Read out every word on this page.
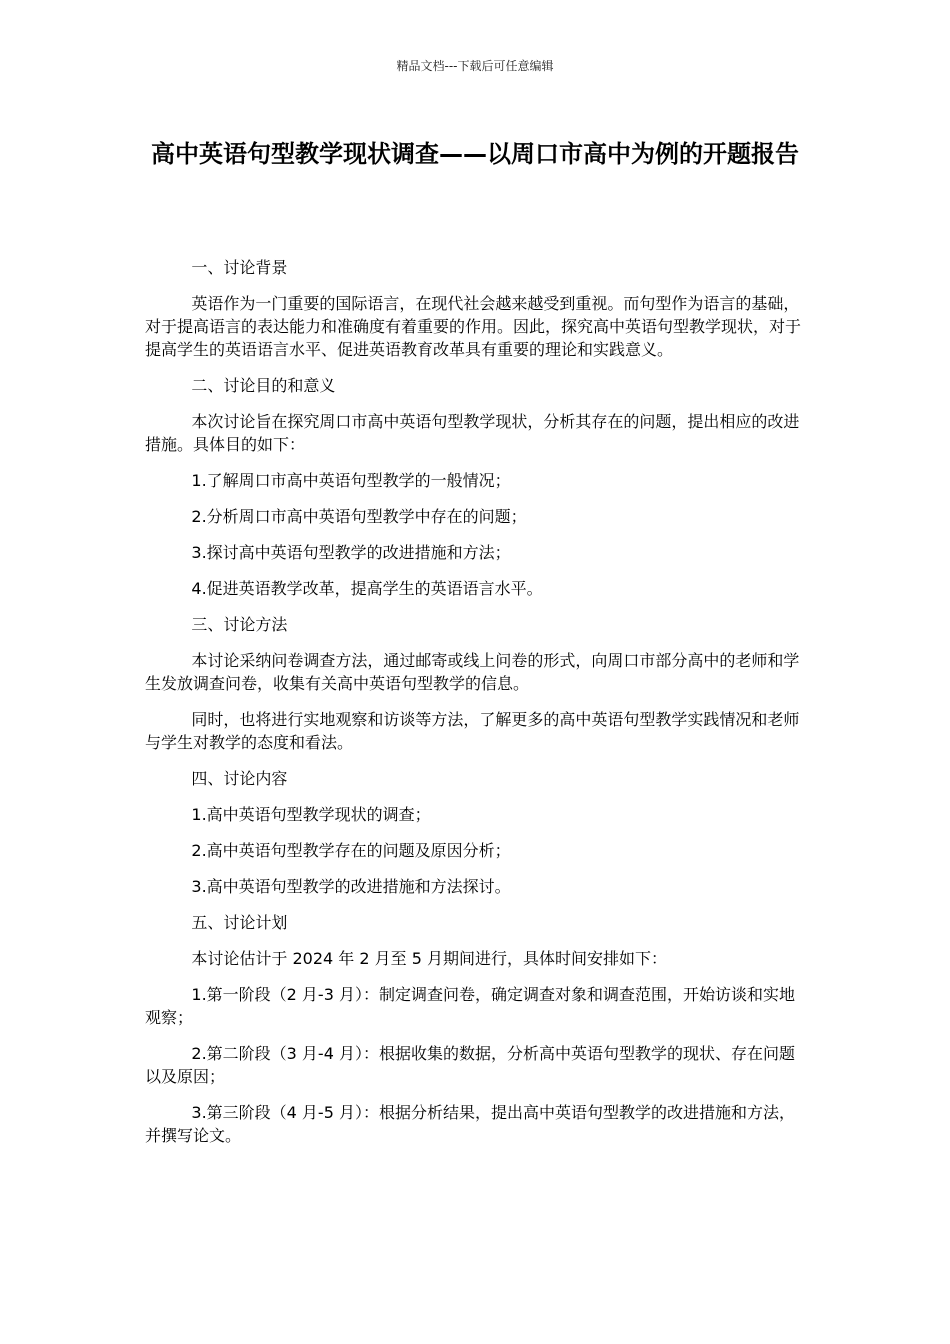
精品文档---下载后可任意编辑
高中英语句型教学现状调查——以周口市高中为例的开题报告

一、讨论背景

英语作为一门重要的国际语言，在现代社会越来越受到重视。而句型作为语言的基础，对于提高语言的表达能力和准确度有着重要的作用。因此，探究高中英语句型教学现状，对于提高学生的英语语言水平、促进英语教育改革具有重要的理论和实践意义。

二、讨论目的和意义

本次讨论旨在探究周口市高中英语句型教学现状，分析其存在的问题，提出相应的改进措施。具体目的如下：

1.了解周口市高中英语句型教学的一般情况；

2.分析周口市高中英语句型教学中存在的问题；

3.探讨高中英语句型教学的改进措施和方法；

4.促进英语教学改革，提高学生的英语语言水平。

三、讨论方法

本讨论采纳问卷调查方法，通过邮寄或线上问卷的形式，向周口市部分高中的老师和学生发放调查问卷，收集有关高中英语句型教学的信息。

同时，也将进行实地观察和访谈等方法，了解更多的高中英语句型教学实践情况和老师与学生对教学的态度和看法。

四、讨论内容

1.高中英语句型教学现状的调查；

2.高中英语句型教学存在的问题及原因分析；

3.高中英语句型教学的改进措施和方法探讨。

五、讨论计划

本讨论估计于 2024 年 2 月至 5 月期间进行，具体时间安排如下：

1.第一阶段（2 月-3 月）：制定调查问卷，确定调查对象和调查范围，开始访谈和实地观察；

2.第二阶段（3 月-4 月）：根据收集的数据，分析高中英语句型教学的现状、存在问题以及原因；

3.第三阶段（4 月-5 月）：根据分析结果，提出高中英语句型教学的改进措施和方法，并撰写论文。
